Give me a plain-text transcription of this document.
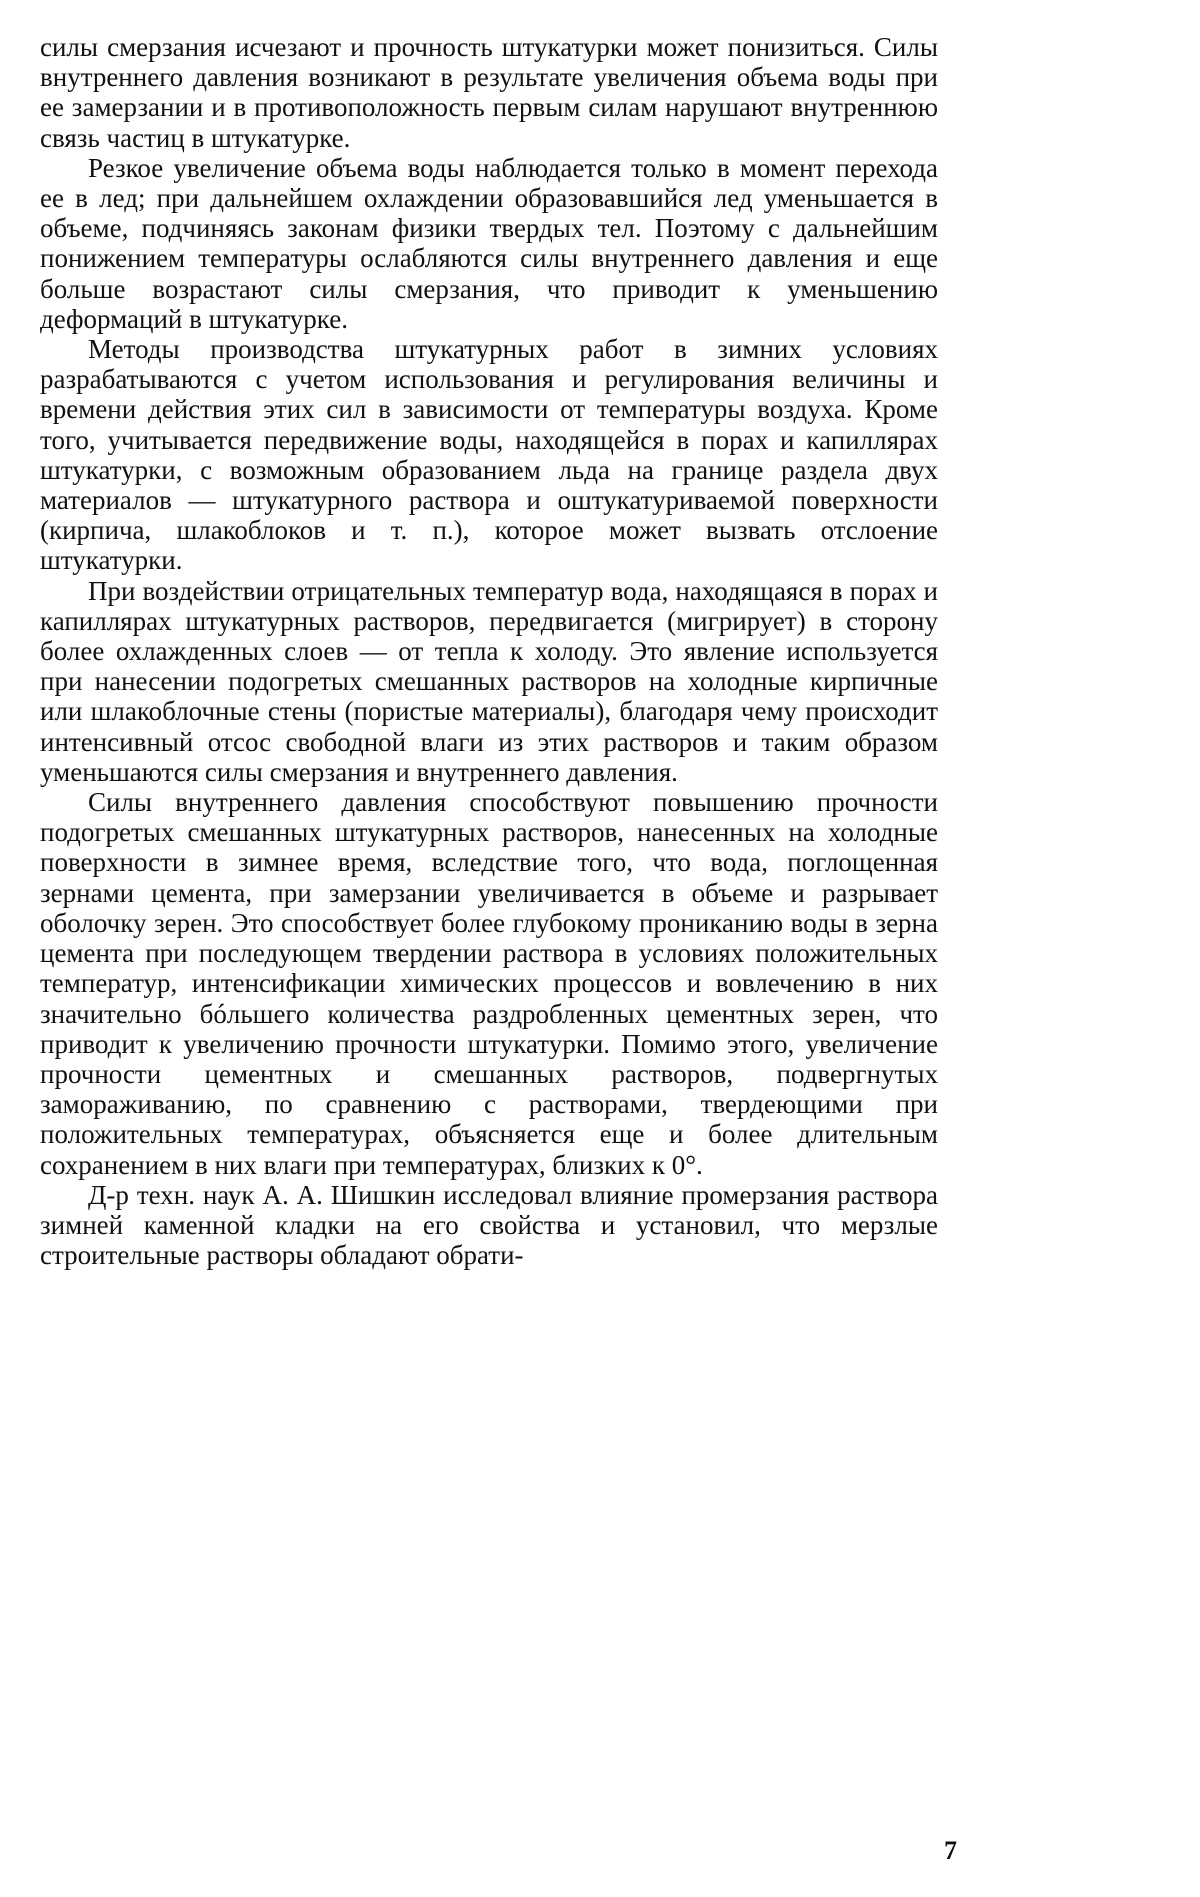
силы смерзания исчезают и прочность штукатурки может понизиться. Силы внутреннего давления возникают в результате увеличения объема воды при ее замерзании и в противоположность первым силам нарушают внутреннюю связь частиц в штукатурке.

Резкое увеличение объема воды наблюдается только в момент перехода ее в лед; при дальнейшем охлаждении образовавшийся лед уменьшается в объеме, подчиняясь законам физики твердых тел. Поэтому с дальнейшим понижением температуры ослабляются силы внутреннего давления и еще больше возрастают силы смерзания, что приводит к уменьшению деформаций в штукатурке.

Методы производства штукатурных работ в зимних условиях разрабатываются с учетом использования и регулирования величины и времени действия этих сил в зависимости от температуры воздуха. Кроме того, учитывается передвижение воды, находящейся в порах и капиллярах штукатурки, с возможным образованием льда на границе раздела двух материалов — штукатурного раствора и оштукатуриваемой поверхности (кирпича, шлакоблоков и т. п.), которое может вызвать отслоение штукатурки.

При воздействии отрицательных температур вода, находящаяся в порах и капиллярах штукатурных растворов, передвигается (мигрирует) в сторону более охлажденных слоев — от тепла к холоду. Это явление используется при нанесении подогретых смешанных растворов на холодные кирпичные или шлакоблочные стены (пористые материалы), благодаря чему происходит интенсивный отсос свободной влаги из этих растворов и таким образом уменьшаются силы смерзания и внутреннего давления.

Силы внутреннего давления способствуют повышению прочности подогретых смешанных штукатурных растворов, нанесенных на холодные поверхности в зимнее время, вследствие того, что вода, поглощенная зернами цемента, при замерзании увеличивается в объеме и разрывает оболочку зерен. Это способствует более глубокому прониканию воды в зерна цемента при последующем твердении раствора в условиях положительных температур, интенсификации химических процессов и вовлечению в них значительно бóльшего количества раздробленных цементных зерен, что приводит к увеличению прочности штукатурки. Помимо этого, увеличение прочности цементных и смешанных растворов, подвергнутых замораживанию, по сравнению с растворами, твердеющими при положительных температурах, объясняется еще и более длительным сохранением в них влаги при температурах, близких к 0°.

Д-р техн. наук А. А. Шишкин исследовал влияние промерзания раствора зимней каменной кладки на его свойства и установил, что мерзлые строительные растворы обладают обрати-

7
